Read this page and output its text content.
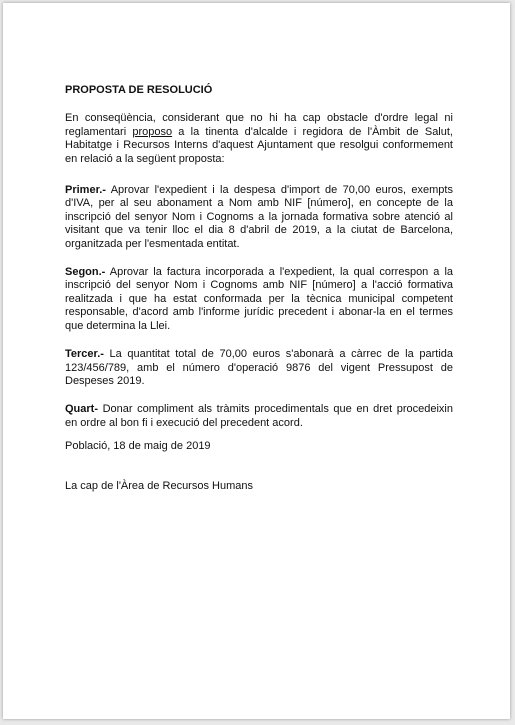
PROPOSTA DE RESOLUCIÓ

En conseqüència, considerant que no hi ha cap obstacle d'ordre legal ni reglamentari proposo a la tinenta d'alcalde i regidora de l'Àmbit de Salut, Habitatge i Recursos Interns d'aquest Ajuntament que resolgui conformement en relació a la següent proposta:

Primer.- Aprovar l'expedient i la despesa d'import de 70,00 euros, exempts d'IVA, per al seu abonament a Nom amb NIF [número], en concepte de la inscripció del senyor Nom i Cognoms a la jornada formativa sobre atenció al visitant que va tenir lloc el dia 8 d'abril de 2019, a la ciutat de Barcelona, organitzada per l'esmentada entitat.

Segon.- Aprovar la factura incorporada a l'expedient, la qual correspon a la inscripció del senyor Nom i Cognoms amb NIF [número] a l'acció formativa realitzada i que ha estat conformada per la tècnica municipal competent responsable, d'acord amb l'informe jurídic precedent i abonar-la en el termes que determina la Llei.

Tercer.- La quantitat total de 70,00 euros s'abonarà a càrrec de la partida 123/456/789, amb el número d'operació 9876 del vigent Pressupost de Despeses 2019.

Quart- Donar compliment als tràmits procedimentals que en dret procedeixin en ordre al bon fi i execució del precedent acord.

Població, 18 de maig de 2019
La cap de l'Àrea de Recursos Humans
